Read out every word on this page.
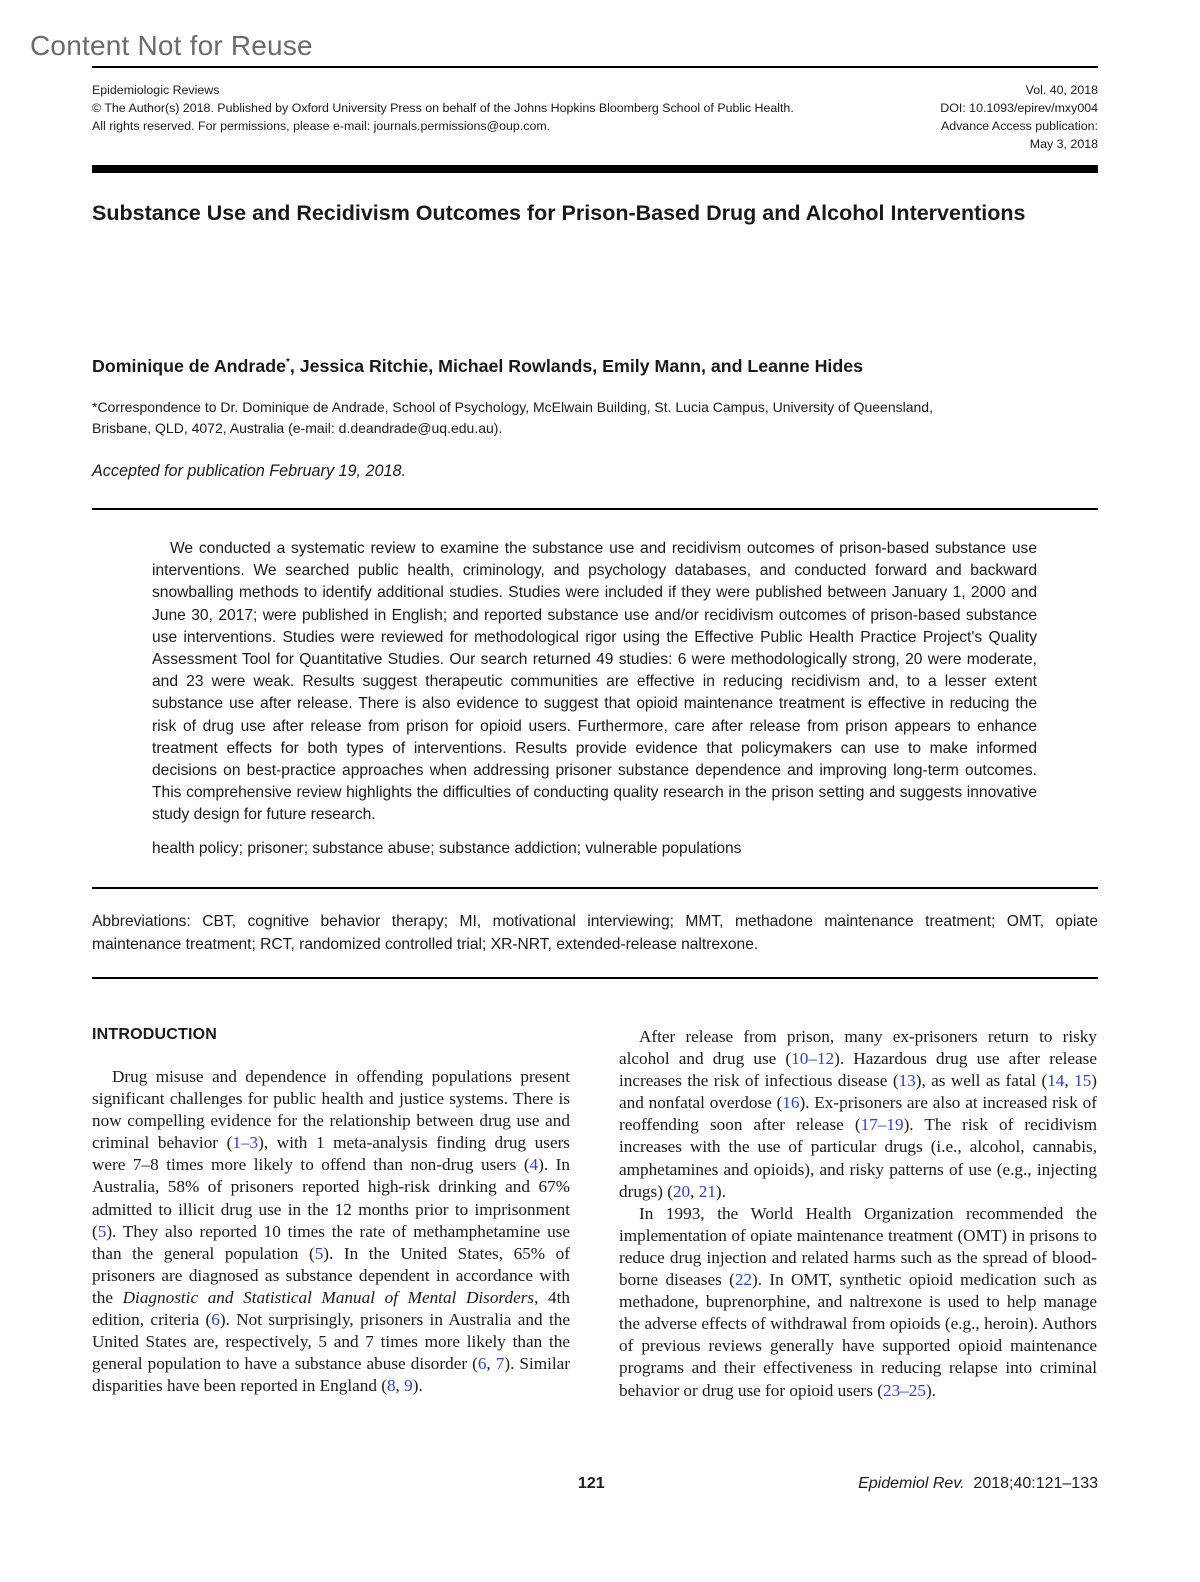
Content Not for Reuse
Epidemiologic Reviews
© The Author(s) 2018. Published by Oxford University Press on behalf of the Johns Hopkins Bloomberg School of Public Health.
All rights reserved. For permissions, please e-mail: journals.permissions@oup.com.
Vol. 40, 2018
DOI: 10.1093/epirev/mxy004
Advance Access publication:
May 3, 2018
Substance Use and Recidivism Outcomes for Prison-Based Drug and Alcohol Interventions
Dominique de Andrade*, Jessica Ritchie, Michael Rowlands, Emily Mann, and Leanne Hides
*Correspondence to Dr. Dominique de Andrade, School of Psychology, McElwain Building, St. Lucia Campus, University of Queensland, Brisbane, QLD, 4072, Australia (e-mail: d.deandrade@uq.edu.au).
Accepted for publication February 19, 2018.

We conducted a systematic review to examine the substance use and recidivism outcomes of prison-based substance use interventions. We searched public health, criminology, and psychology databases, and conducted forward and backward snowballing methods to identify additional studies. Studies were included if they were published between January 1, 2000 and June 30, 2017; were published in English; and reported substance use and/or recidivism outcomes of prison-based substance use interventions. Studies were reviewed for methodological rigor using the Effective Public Health Practice Project's Quality Assessment Tool for Quantitative Studies. Our search returned 49 studies: 6 were methodologically strong, 20 were moderate, and 23 were weak. Results suggest therapeutic communities are effective in reducing recidivism and, to a lesser extent substance use after release. There is also evidence to suggest that opioid maintenance treatment is effective in reducing the risk of drug use after release from prison for opioid users. Furthermore, care after release from prison appears to enhance treatment effects for both types of interventions. Results provide evidence that policymakers can use to make informed decisions on best-practice approaches when addressing prisoner substance dependence and improving long-term outcomes. This comprehensive review highlights the difficulties of conducting quality research in the prison setting and suggests innovative study design for future research.

health policy; prisoner; substance abuse; substance addiction; vulnerable populations

Abbreviations: CBT, cognitive behavior therapy; MI, motivational interviewing; MMT, methadone maintenance treatment; OMT, opiate maintenance treatment; RCT, randomized controlled trial; XR-NRT, extended-release naltrexone.

INTRODUCTION

Drug misuse and dependence in offending populations present significant challenges for public health and justice systems. There is now compelling evidence for the relationship between drug use and criminal behavior (1–3), with 1 meta-analysis finding drug users were 7–8 times more likely to offend than non-drug users (4). In Australia, 58% of prisoners reported high-risk drinking and 67% admitted to illicit drug use in the 12 months prior to imprisonment (5). They also reported 10 times the rate of methamphetamine use than the general population (5). In the United States, 65% of prisoners are diagnosed as substance dependent in accordance with the Diagnostic and Statistical Manual of Mental Disorders, 4th edition, criteria (6). Not surprisingly, prisoners in Australia and the United States are, respectively, 5 and 7 times more likely than the general population to have a substance abuse disorder (6, 7). Similar disparities have been reported in England (8, 9).

After release from prison, many ex-prisoners return to risky alcohol and drug use (10–12). Hazardous drug use after release increases the risk of infectious disease (13), as well as fatal (14, 15) and nonfatal overdose (16). Ex-prisoners are also at increased risk of reoffending soon after release (17–19). The risk of recidivism increases with the use of particular drugs (i.e., alcohol, cannabis, amphetamines and opioids), and risky patterns of use (e.g., injecting drugs) (20, 21).

In 1993, the World Health Organization recommended the implementation of opiate maintenance treatment (OMT) in prisons to reduce drug injection and related harms such as the spread of blood-borne diseases (22). In OMT, synthetic opioid medication such as methadone, buprenorphine, and naltrexone is used to help manage the adverse effects of withdrawal from opioids (e.g., heroin). Authors of previous reviews generally have supported opioid maintenance programs and their effectiveness in reducing relapse into criminal behavior or drug use for opioid users (23–25).

121	Epidemiol Rev. 2018;40:121–133
